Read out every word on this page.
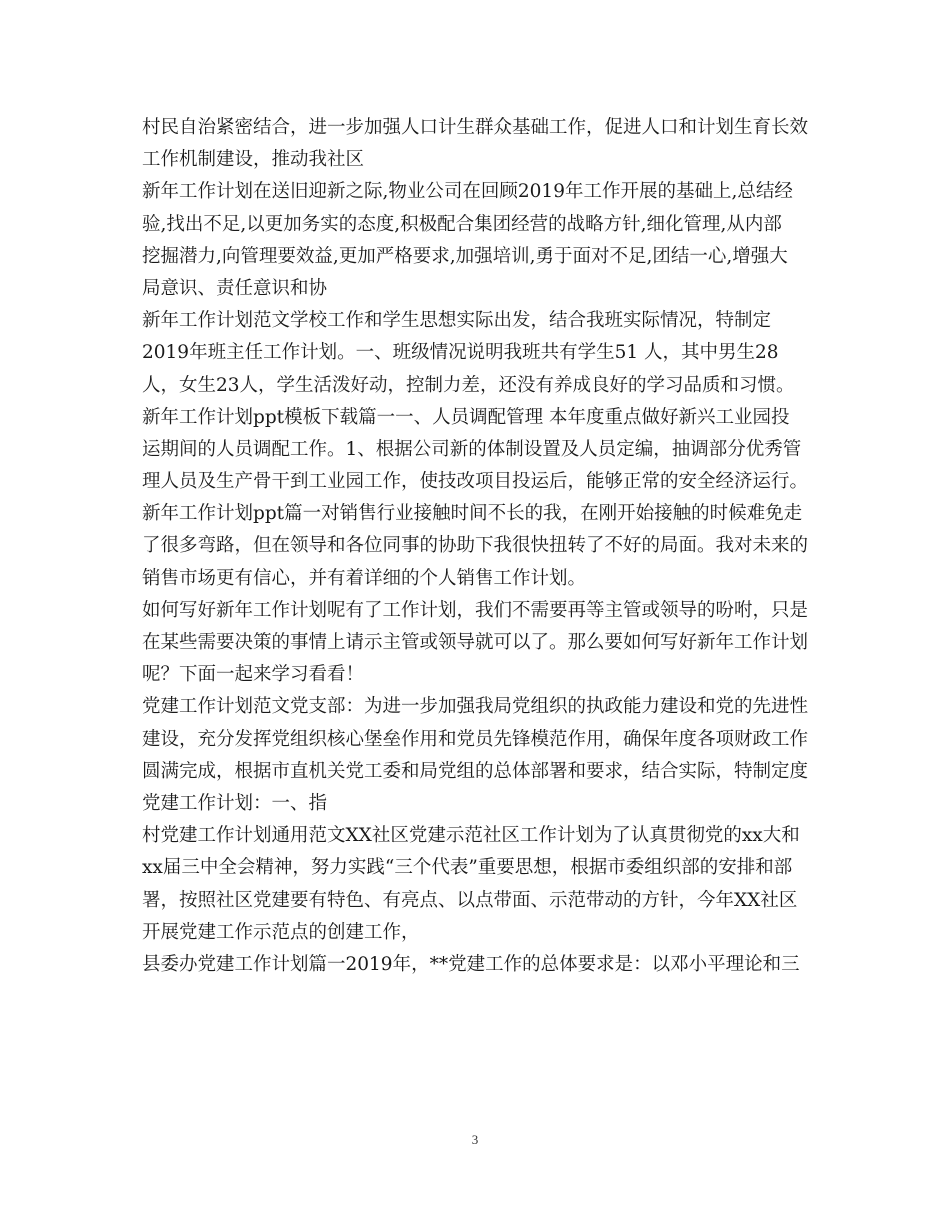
村民自治紧密结合，进一步加强人口计生群众基础工作，促进人口和计划生育长效
工作机制建设，推动我社区
新年工作计划在送旧迎新之际,物业公司在回顾2019年工作开展的基础上,总结经
验,找出不足,以更加务实的态度,积极配合集团经营的战略方针,细化管理,从内部
挖掘潜力,向管理要效益,更加严格要求,加强培训,勇于面对不足,团结一心,增强大
局意识、责任意识和协
新年工作计划范文学校工作和学生思想实际出发，结合我班实际情况，特制定
2019年班主任工作计划。一、班级情况说明我班共有学生51 人，其中男生28
人，女生23人，学生活泼好动，控制力差，还没有养成良好的学习品质和习惯。
新年工作计划ppt模板下载篇一一、人员调配管理 本年度重点做好新兴工业园投
运期间的人员调配工作。1、根据公司新的体制设置及人员定编，抽调部分优秀管
理人员及生产骨干到工业园工作，使技改项目投运后，能够正常的安全经济运行。
新年工作计划ppt篇一对销售行业接触时间不长的我，在刚开始接触的时候难免走
了很多弯路，但在领导和各位同事的协助下我很快扭转了不好的局面。我对未来的
销售市场更有信心，并有着详细的个人销售工作计划。
如何写好新年工作计划呢有了工作计划，我们不需要再等主管或领导的吩咐，只是
在某些需要决策的事情上请示主管或领导就可以了。那么要如何写好新年工作计划
呢？下面一起来学习看看！
党建工作计划范文党支部：为进一步加强我局党组织的执政能力建设和党的先进性
建设，充分发挥党组织核心堡垒作用和党员先锋模范作用，确保年度各项财政工作
圆满完成，根据市直机关党工委和局党组的总体部署和要求，结合实际，特制定度
党建工作计划：一、指
村党建工作计划通用范文XX社区党建示范社区工作计划为了认真贯彻党的xx大和
xx届三中全会精神，努力实践“三个代表”重要思想，根据市委组织部的安排和部
署，按照社区党建要有特色、有亮点、以点带面、示范带动的方针，今年XX社区
开展党建工作示范点的创建工作，
县委办党建工作计划篇一2019年，**党建工作的总体要求是：以邓小平理论和三
3
